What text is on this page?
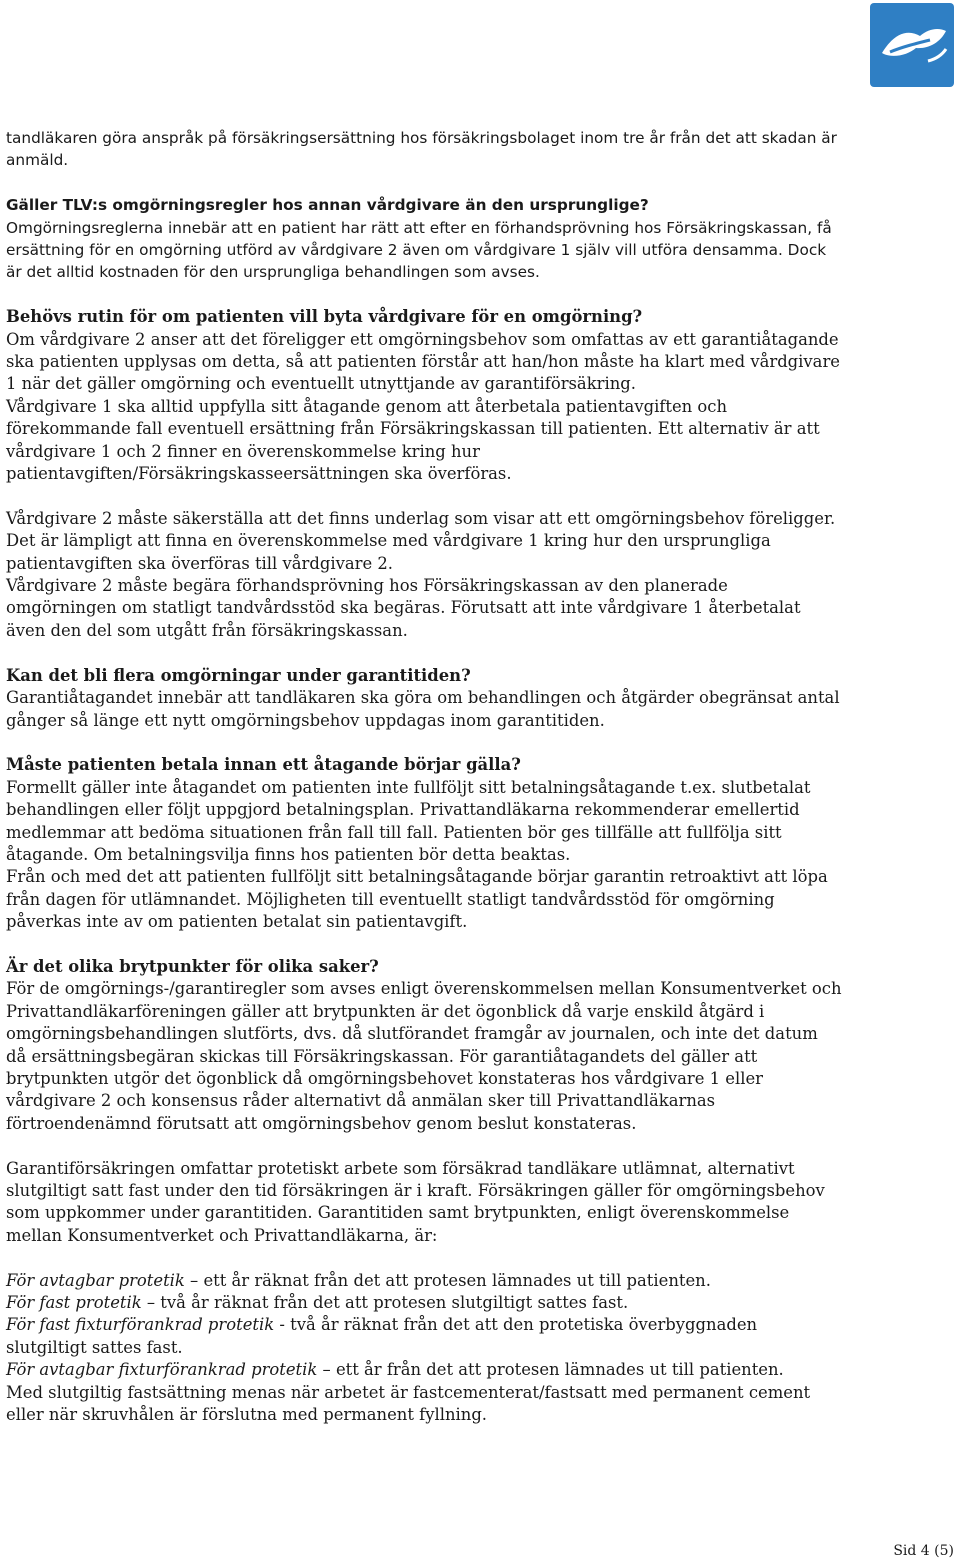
tandläkaren göra anspråk på försäkringsersättning hos försäkringsbolaget inom tre år från det att skadan är anmäld.

Gäller TLV:s omgörningsregler hos annan vårdgivare än den ursprunglige?

Omgörningsreglerna innebär att en patient har rätt att efter en förhandsprövning hos Försäkringskassan, få ersättning för en omgörning utförd av vårdgivare 2 även om vårdgivare 1 själv vill utföra densamma. Dock är det alltid kostnaden för den ursprungliga behandlingen som avses.

Behövs rutin för om patienten vill byta vårdgivare för en omgörning?

Om vårdgivare 2 anser att det föreligger ett omgörningsbehov som omfattas av ett garantiåtagande ska patienten upplysas om detta, så att patienten förstår att han/hon måste ha klart med vårdgivare 1 när det gäller omgörning och eventuellt utnyttjande av garantiförsäkring.

Vårdgivare 1 ska alltid uppfylla sitt åtagande genom att återbetala patientavgiften och förekommande fall eventuell ersättning från Försäkringskassan till patienten. Ett alternativ är att vårdgivare 1 och 2 finner en överenskommelse kring hur patientavgiften/Försäkringskasseersättningen ska överföras.

Vårdgivare 2 måste säkerställa att det finns underlag som visar att ett omgörningsbehov föreligger. Det är lämpligt att finna en överenskommelse med vårdgivare 1 kring hur den ursprungliga patientavgiften ska överföras till vårdgivare 2.

Vårdgivare 2 måste begära förhandsprövning hos Försäkringskassan av den planerade omgörningen om statligt tandvårdsstöd ska begäras. Förutsatt att inte vårdgivare 1 återbetalat även den del som utgått från försäkringskassan.

Kan det bli flera omgörningar under garantitiden?

Garantiåtagandet innebär att tandläkaren ska göra om behandlingen och åtgärder obegränsat antal gånger så länge ett nytt omgörningsbehov uppdagas inom garantitiden.

Måste patienten betala innan ett åtagande börjar gälla?

Formellt gäller inte åtagandet om patienten inte fullföljt sitt betalningsåtagande t.ex. slutbetalat behandlingen eller följt uppgjord betalningsplan. Privattandläkarna rekommenderar emellertid medlemmar att bedöma situationen från fall till fall. Patienten bör ges tillfälle att fullfölja sitt åtagande. Om betalningsvilja finns hos patienten bör detta beaktas.

Från och med det att patienten fullföljt sitt betalningsåtagande börjar garantin retroaktivt att löpa från dagen för utlämnandet. Möjligheten till eventuellt statligt tandvårdsstöd för omgörning påverkas inte av om patienten betalat sin patientavgift.

Är det olika brytpunkter för olika saker?

För de omgörnings-/garantiregler som avses enligt överenskommelsen mellan Konsumentverket och Privattandläkarföreningen gäller att brytpunkten är det ögonblick då varje enskild åtgärd i omgörningsbehandlingen slutförts, dvs. då slutförandet framgår av journalen, och inte det datum då ersättningsbegäran skickas till Försäkringskassan. För garantiåtagandets del gäller att brytpunkten utgör det ögonblick då omgörningsbehovet konstateras hos vårdgivare 1 eller vårdgivare 2 och konsensus råder alternativt då anmälan sker till Privattandläkarnas förtroendenämnd förutsatt att omgörningsbehov genom beslut konstateras.

Garantiförsäkringen omfattar protetiskt arbete som försäkrad tandläkare utlämnat, alternativt slutgiltigt satt fast under den tid försäkringen är i kraft. Försäkringen gäller för omgörningsbehov som uppkommer under garantitiden. Garantitiden samt brytpunkten, enligt överenskommelse mellan Konsumentverket och Privattandläkarna, är:

För avtagbar protetik – ett år räknat från det att protesen lämnades ut till patienten.

För fast protetik – två år räknat från det att protesen slutgiltigt sattes fast.

För fast fixturförankrad protetik - två år räknat från det att den protetiska överbyggnaden slutgiltigt sattes fast.

För avtagbar fixturförankrad protetik – ett år från det att protesen lämnades ut till patienten.

Med slutgiltig fastsättning menas när arbetet är fastcementerat/fastsatt med permanent cement eller när skruvhålen är förslutna med permanent fyllning.

Sid 4 (5)
